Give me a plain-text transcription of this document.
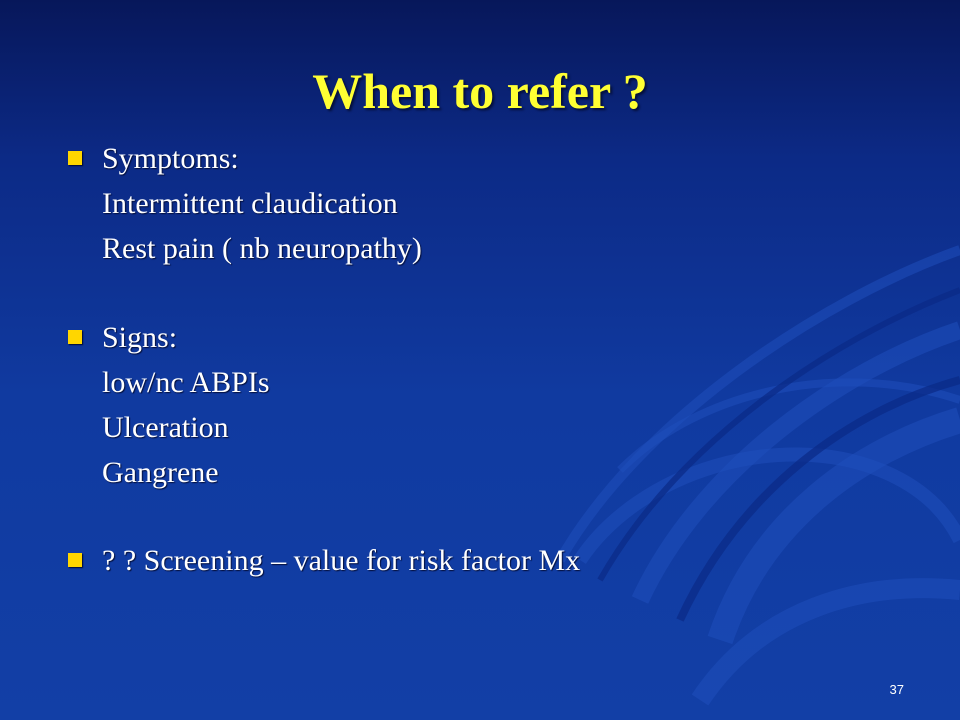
When to refer ?
Symptoms:
Intermittent claudication
Rest pain ( nb neuropathy)
Signs:
low/nc ABPIs
Ulceration
Gangrene
? ? Screening – value for risk factor Mx
37
